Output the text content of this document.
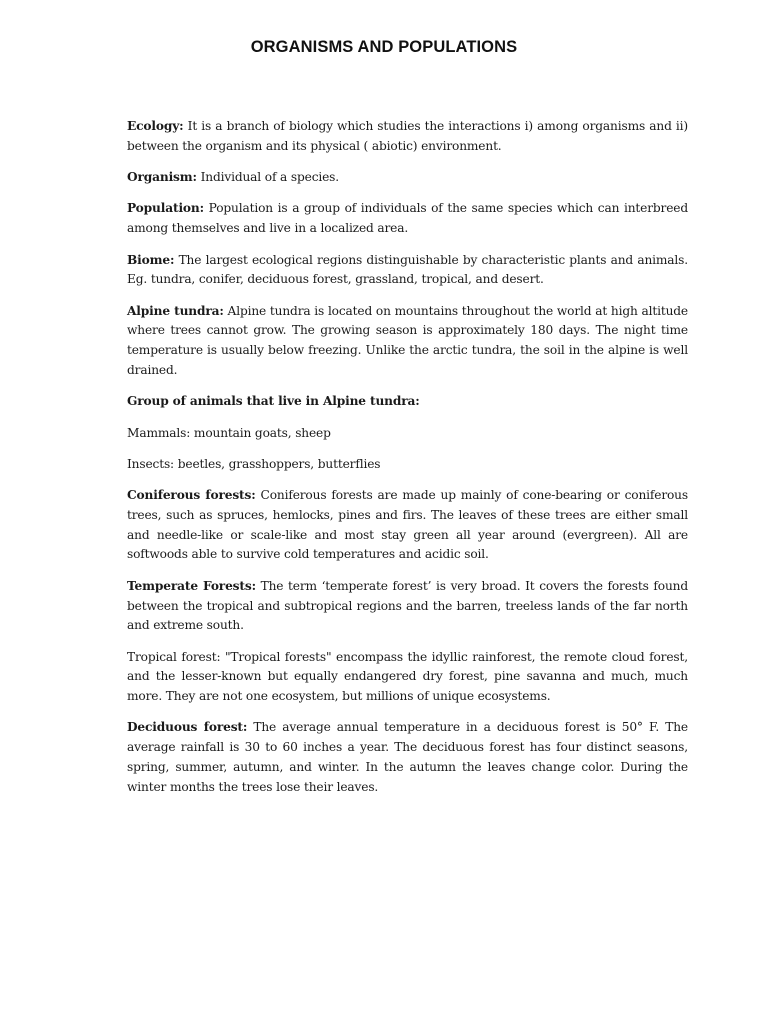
ORGANISMS AND POPULATIONS

Ecology: It is a branch of biology which studies the interactions i) among organisms and ii) between the organism and its physical ( abiotic) environment.

Organism: Individual of a species.

Population: Population is a group of individuals of the same species which can interbreed among themselves and live in a localized area.

Biome: The largest ecological regions distinguishable by characteristic plants and animals. Eg. tundra, conifer, deciduous forest, grassland, tropical, and desert.

Alpine tundra: Alpine tundra is located on mountains throughout the world at high altitude where trees cannot grow. The growing season is approximately 180 days. The night time temperature is usually below freezing. Unlike the arctic tundra, the soil in the alpine is well drained.

Group of animals that live in Alpine tundra:

Mammals: mountain goats, sheep

Insects: beetles, grasshoppers, butterflies

Coniferous forests: Coniferous forests are made up mainly of cone-bearing or coniferous trees, such as spruces, hemlocks, pines and firs. The leaves of these trees are either small and needle-like or scale-like and most stay green all year around (evergreen). All are softwoods able to survive cold temperatures and acidic soil.

Temperate Forests: The term ‘temperate forest’ is very broad. It covers the forests found between the tropical and subtropical regions and the barren, treeless lands of the far north and extreme south.

Tropical forest: "Tropical forests" encompass the idyllic rainforest, the remote cloud forest, and the lesser-known but equally endangered dry forest, pine savanna and much, much more. They are not one ecosystem, but millions of unique ecosystems.

Deciduous forest: The average annual temperature in a deciduous forest is 50° F. The average rainfall is 30 to 60 inches a year. The deciduous forest has four distinct seasons, spring, summer, autumn, and winter. In the autumn the leaves change color. During the winter months the trees lose their leaves.
